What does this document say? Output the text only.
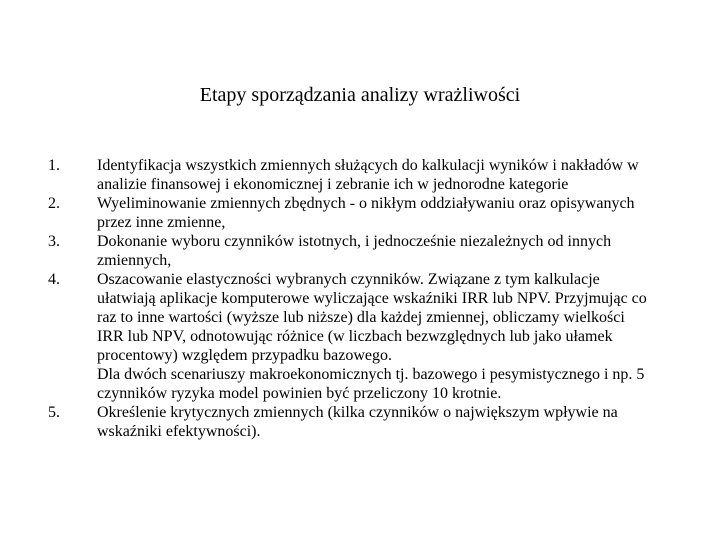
Etapy sporządzania analizy wrażliwości
1.	Identyfikacja wszystkich zmiennych służących do kalkulacji wyników i nakładów w analizie finansowej i ekonomicznej i zebranie ich w jednorodne kategorie

2.	Wyeliminowanie zmiennych zbędnych - o nikłym oddziaływaniu oraz opisywanych przez inne zmienne,

3.	Dokonanie wyboru czynników istotnych, i jednocześnie niezależnych od innych zmiennych,

4.	Oszacowanie elastyczności wybranych czynników. Związane z tym kalkulacje ułatwiają aplikacje komputerowe wyliczające wskaźniki IRR lub NPV. Przyjmując co raz to inne wartości (wyższe lub niższe) dla każdej zmiennej, obliczamy wielkości IRR lub NPV, odnotowując różnice (w liczbach bezwzględnych lub jako ułamek procentowy) względem przypadku bazowego.

Dla dwóch scenariuszy makroekonomicznych tj. bazowego i pesymistycznego i np. 5 czynników ryzyka model powinien być przeliczony 10 krotnie.

5.	Określenie krytycznych zmiennych (kilka czynników o największym wpływie na wskaźniki efektywności).
